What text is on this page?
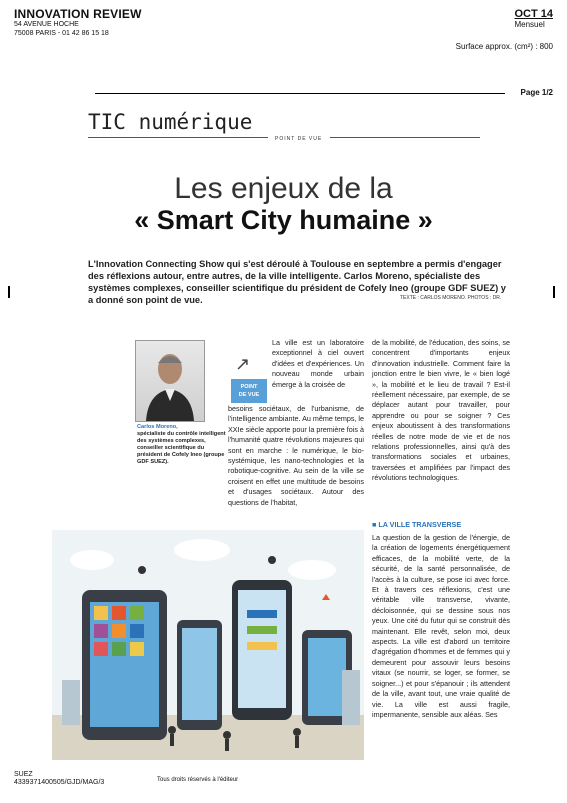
INNOVATION REVIEW
54 AVENUE HOCHE
75008 PARIS - 01 42 86 15 18
OCT 14
Mensuel
Surface approx. (cm²) : 800
Page 1/2
TIC numérique
POINT DE VUE
Les enjeux de la
« Smart City humaine »
L'Innovation Connecting Show qui s'est déroulé à Toulouse en septembre a permis d'engager des réflexions autour, entre autres, de la ville intelligente. Carlos Moreno, spécialiste des systèmes complexes, conseiller scientifique du président de Cofely Ineo (groupe GDF SUEZ) y a donné son point de vue.	TEXTE : CARLOS MORENO. PHOTOS : DR.
Carlos Moreno,
spécialiste du contrôle intelligent des systèmes complexes, conseiller scientifique du président de Cofely Ineo (groupe GDF SUEZ).
↗
POINT
DE VUE
La ville est un laboratoire exceptionnel à ciel ouvert d'idées et d'expériences. Un nouveau monde urbain émerge à la croisée de
besoins sociétaux, de l'urbanisme, de l'intelligence ambiante. Au même temps, le XXIe siècle apporte pour la première fois à l'humanité quatre révolutions majeures qui sont en marche : le numérique, le bio-systémique, les nano-technologies et la robotique-cognitive. Au sein de la ville se croisent en effet une multitude de besoins et d'usages sociétaux. Autour des questions de l'habitat,
de la mobilité, de l'éducation, des soins, se concentrent d'importants enjeux d'innovation industrielle. Comment faire la jonction entre le bien vivre, le « bien logé », la mobilité et le lieu de travail ? Est-il réellement nécessaire, par exemple, de se déplacer autant pour travailler, pour apprendre ou pour se soigner ? Ces enjeux aboutissent à des transformations réelles de notre mode de vie et de nos relations professionnelles, ainsi qu'à des transformations sociales et urbaines, traversées et amplifiées par l'impact des révolutions technologiques.
■ LA VILLE TRANSVERSE
La question de la gestion de l'énergie, de la création de logements énergétiquement efficaces, de la mobilité verte, de la sécurité, de la santé personnalisée, de l'accès à la culture, se pose ici avec force. Et à travers ces réflexions, c'est une véritable ville transverse, vivante, décloisonnée, qui se dessine sous nos yeux. Une cité du futur qui se construit dès maintenant. Elle revêt, selon moi, deux aspects. La ville est d'abord un territoire d'agrégation d'hommes et de femmes qui y demeurent pour assouvir leurs besoins vitaux (se nourrir, se loger, se former, se soigner...) et pour s'épanouir ; ils attendent de la ville, avant tout, une vraie qualité de vie. La ville est aussi fragile, impermanente, sensible aux aléas. Ses
SUEZ
4339371400505/GJD/MAG/3	Tous droits réservés à l'éditeur
